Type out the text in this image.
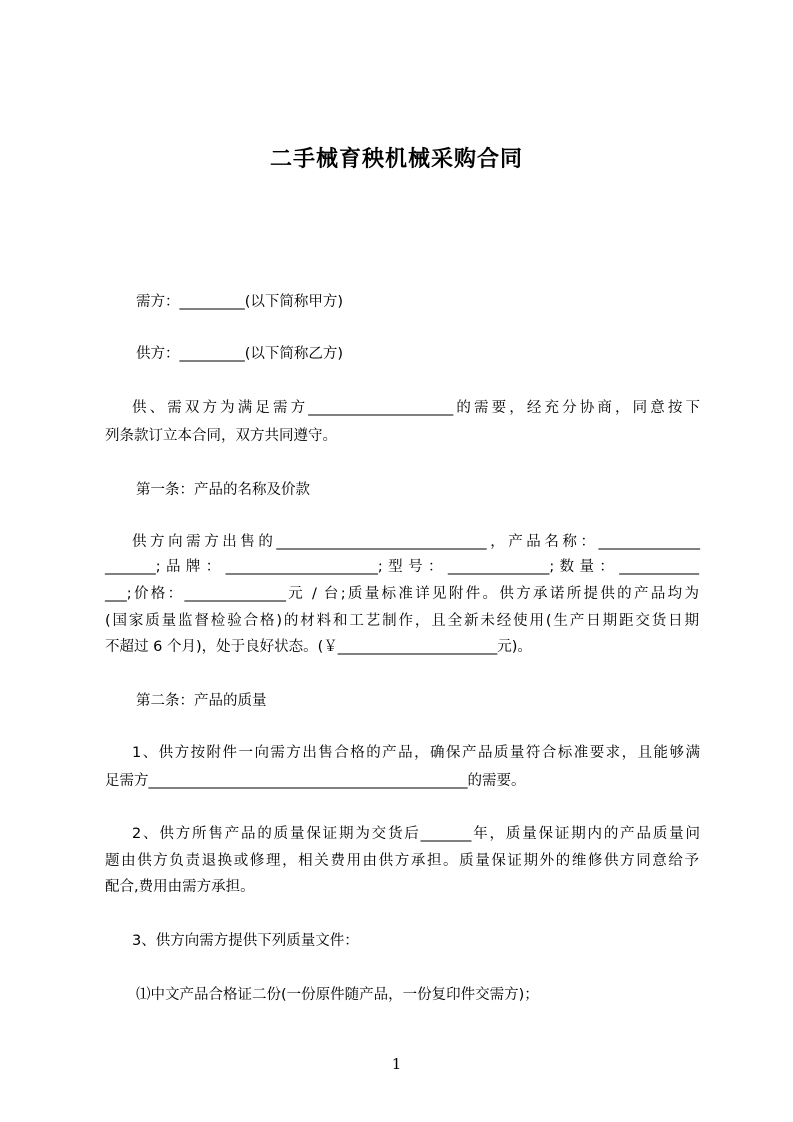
二手械育秧机械采购合同
需方：_________(以下简称甲方)
供方：_________(以下简称乙方)
供、需双方为满足需方____________________的需要，经充分协商，同意按下
列条款订立本合同，双方共同遵守。
第一条：产品的名称及价款
供方向需方出售的_____________________________，产品名称：______________
_______;品牌：_____________________;型号：______________;数量：___________
___;价格：______________元 / 台;质量标准详见附件。供方承诺所提供的产品均为
(国家质量监督检验合格)的材料和工艺制作，且全新未经使用(生产日期距交货日期
不超过 6 个月)，处于良好状态。(￥______________________元)。
第二条：产品的质量
1、供方按附件一向需方出售合格的产品，确保产品质量符合标准要求，且能够满
足需方____________________________________________的需要。
2、供方所售产品的质量保证期为交货后_______年，质量保证期内的产品质量问
题由供方负责退换或修理，相关费用由供方承担。质量保证期外的维修供方同意给予
配合,费用由需方承担。
3、供方向需方提供下列质量文件：
⑴中文产品合格证二份(一份原件随产品，一份复印件交需方)；
1
